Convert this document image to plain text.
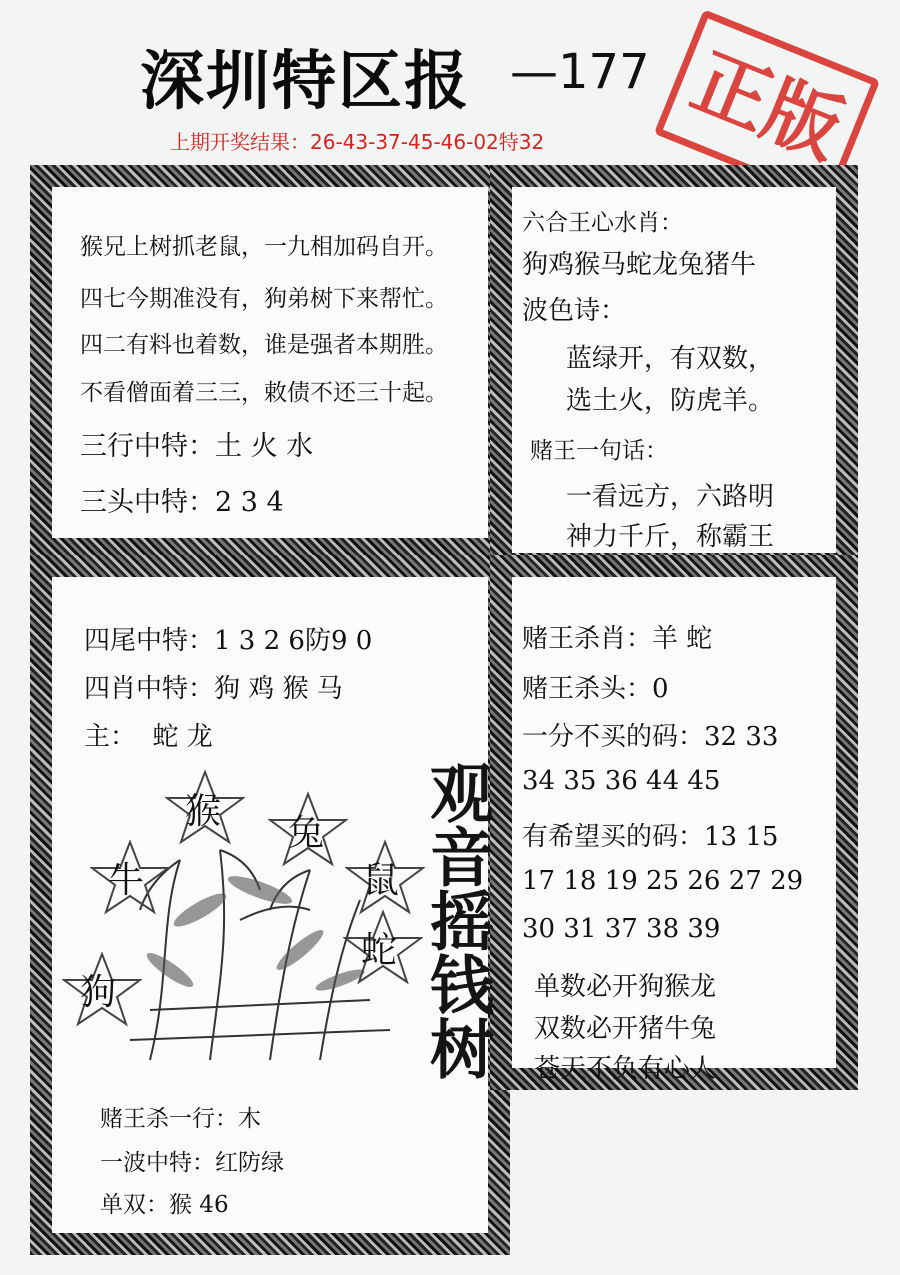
深圳特区报 —177
上期开奖结果：26-43-37-45-46-02特32	正版
猴兄上树抓老鼠，一九相加码自开。
四七今期准没有，狗弟树下来帮忙。
四二有料也着数，谁是强者本期胜。
不看僧面着三三，敕债不还三十起。
三行中特：土 火 水
三头中特：2 3 4
六合王心水肖：
狗鸡猴马蛇龙兔猪牛
波色诗：
蓝绿开，有双数，
选土火，防虎羊。
赌王一句话：
一看远方，六路明
神力千斤，称霸王
四尾中特：1 3 2 6防9 0
四肖中特：狗 鸡 猴 马
主：  蛇 龙
猴
兔
牛	鼠
蛇
狗	观音摇钱树
赌王杀一行：木
一波中特：红防绿
单双：猴 46
赌王杀肖：羊 蛇
赌王杀头：0
一分不买的码：32 33
34 35 36 44 45
有希望买的码：13 15
17 18 19 25 26 27 29
30 31 37 38 39
单数必开狗猴龙
双数必开猪牛兔
苍天不负有心人
